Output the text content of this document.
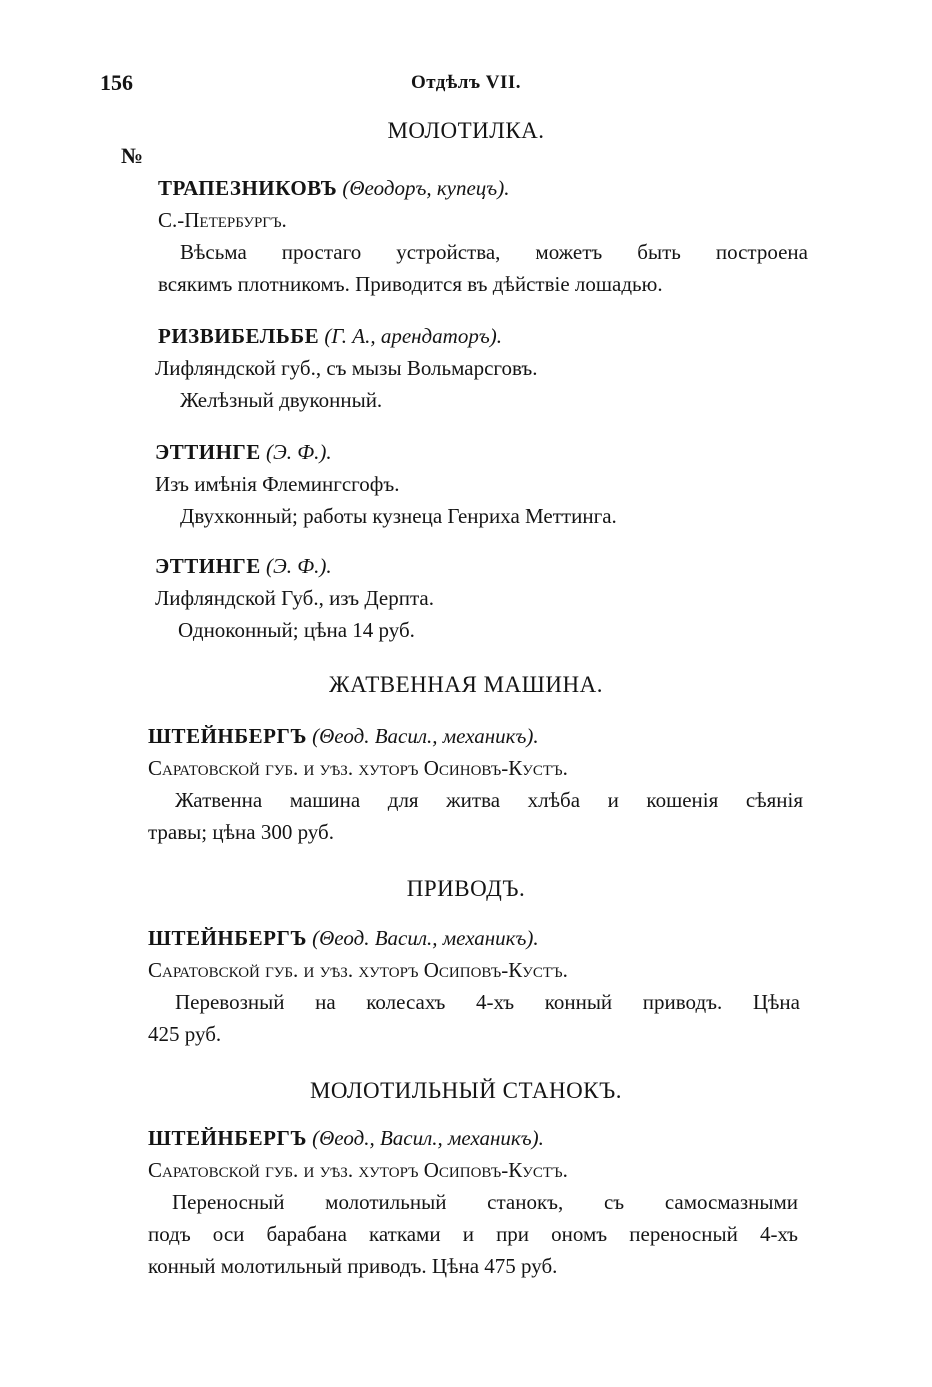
156	Отдѣлъ VII.
№
МОЛОТИЛКА.
ТРАПЕЗНИКОВЪ (Θеодоръ, купецъ).
С.-Петербургъ.
Вѣсьма простаго устройства, можетъ быть построена
всякимъ плотникомъ. Приводится въ дѣйствіе лошадью.
РИЗВИБЕЛЬБЕ (Г. А., арендаторъ).
Лифляндской губ., съ мызы Вольмарсговъ.
Желѣзный двуконный.
ЭТТИНГЕ (Э. Ф.).
Изъ имѣнія Флемингсгофъ.
Двухконный; работы кузнеца Генриха Меттинга.
ЭТТИНГЕ (Э. Ф.).
Лифляндской Губ., изъ Дерпта.
Одноконный; цѣна 14 руб.
ЖАТВЕННАЯ МАШИНА.
ШТЕЙНБЕРГЪ (Θеод. Васил., механикъ).
Саратовской губ. и уѣз. хуторъ Осиновъ-Кустъ.
Жатвенна машина для житва хлѣба и кошенія сѣянія
травы; цѣна 300 руб.
ПРИВОДЪ.
ШТЕЙНБЕРГЪ (Θеод. Васил., механикъ).
Саратовской губ. и уѣз. хуторъ Осиповъ-Кустъ.
Перевозный на колесахъ 4-хъ конный приводъ. Цѣна
425 руб.
МОЛОТИЛЬНЫЙ СТАНОКЪ.
ШТЕЙНБЕРГЪ (Θеод., Васил., механикъ).
Саратовской губ. и уѣз. хуторъ Осиповъ-Кустъ.
Переносный молотильный станокъ, съ самосмазными
подъ оси барабана катками и при ономъ переносный 4-хъ
конный молотильный приводъ. Цѣна 475 руб.
